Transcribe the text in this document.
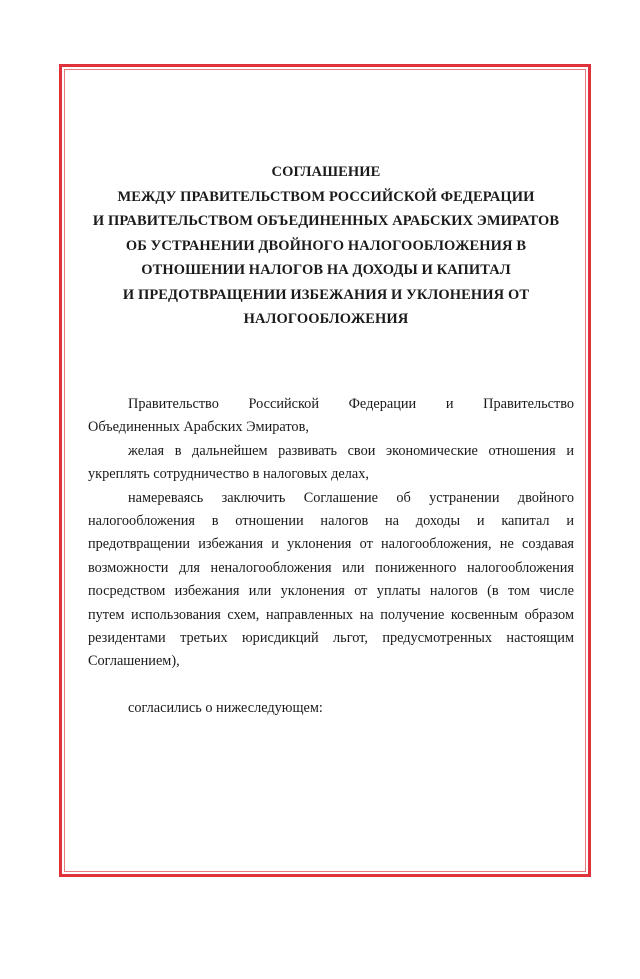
СОГЛАШЕНИЕ
МЕЖДУ ПРАВИТЕЛЬСТВОМ РОССИЙСКОЙ ФЕДЕРАЦИИ
И ПРАВИТЕЛЬСТВОМ ОБЪЕДИНЕННЫХ АРАБСКИХ ЭМИРАТОВ
ОБ УСТРАНЕНИИ ДВОЙНОГО НАЛОГООБЛОЖЕНИЯ В
ОТНОШЕНИИ НАЛОГОВ НА ДОХОДЫ И КАПИТАЛ
И ПРЕДОТВРАЩЕНИИ ИЗБЕЖАНИЯ И УКЛОНЕНИЯ ОТ
НАЛОГООБЛОЖЕНИЯ
Правительство Российской Федерации и Правительство
Объединенных Арабских Эмиратов,
желая в дальнейшем развивать свои экономические отношения и
укреплять сотрудничество в налоговых делах,
намереваясь заключить Соглашение об устранении двойного
налогообложения в отношении налогов на доходы и капитал и
предотвращении избежания и уклонения от налогообложения, не создавая
возможности для неналогообложения или пониженного налогообложения
посредством избежания или уклонения от уплаты налогов (в том числе
путем использования схем, направленных на получение косвенным образом
резидентами третьих юрисдикций льгот, предусмотренных настоящим
Соглашением),
согласились о нижеследующем:
